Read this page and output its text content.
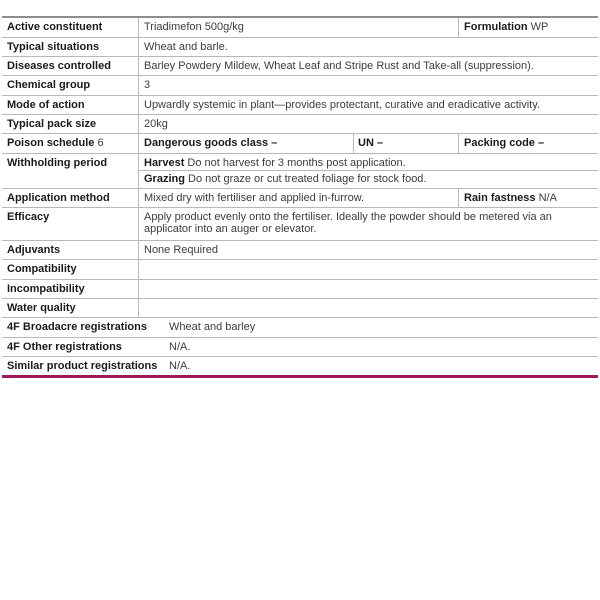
Active constituent	Triadimefon 500g/kg	Formulation WP
Typical situations	Wheat and barle.
Diseases controlled	Barley Powdery Mildew, Wheat Leaf and Stripe Rust and Take-all (suppression).
Chemical group	3
Mode of action	Upwardly systemic in plant—provides protectant, curative and eradicative activity.
Typical pack size	20kg
Poison schedule 6	Dangerous goods class –	UN –	Packing code –
Withholding period	Harvest Do not harvest for 3 months post application.
Grazing Do not graze or cut treated foliage for stock food.
Application method	Mixed dry with fertiliser and applied in-furrow.	Rain fastness N/A
Efficacy	Apply product evenly onto the fertiliser. Ideally the powder should be metered via an applicator into an auger or elevator.
Adjuvants	None Required
Compatibility
Incompatibility
Water quality
4F Broadacre registrations Wheat and barley
4F Other registrations	N/A.
Similar product registrations N/A.
